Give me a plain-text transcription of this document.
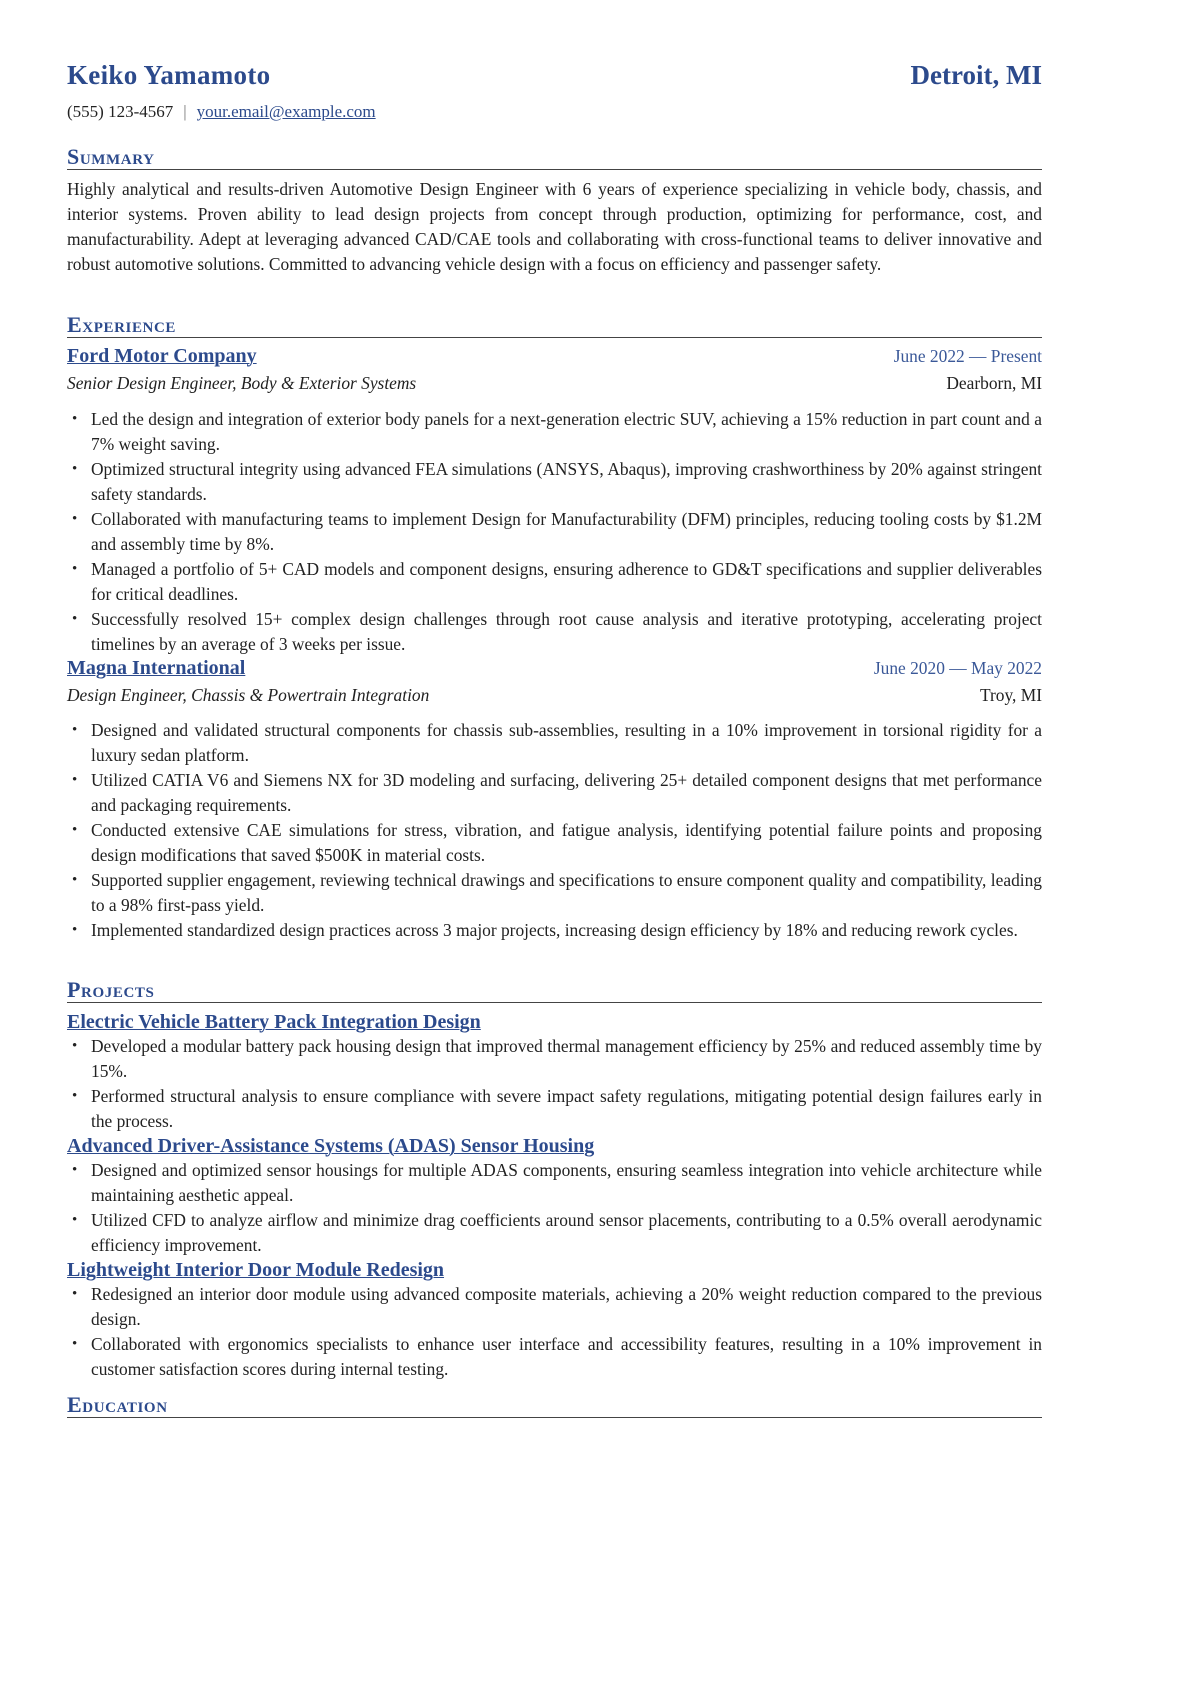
Keiko Yamamoto	Detroit, MI
(555) 123-4567 | your.email@example.com
Summary
Highly analytical and results-driven Automotive Design Engineer with 6 years of experience specializing in vehicle body, chassis, and interior systems. Proven ability to lead design projects from concept through production, optimizing for performance, cost, and manufacturability. Adept at leveraging advanced CAD/CAE tools and collaborating with cross-functional teams to deliver innovative and robust automotive solutions. Committed to advancing vehicle design with a focus on efficiency and passenger safety.
Experience
Ford Motor Company	June 2022 — Present
Senior Design Engineer, Body & Exterior Systems	Dearborn, MI
• Led the design and integration of exterior body panels for a next-generation electric SUV, achieving a 15% reduction in part count and a 7% weight saving.
• Optimized structural integrity using advanced FEA simulations (ANSYS, Abaqus), improving crashworthiness by 20% against stringent safety standards.
• Collaborated with manufacturing teams to implement Design for Manufacturability (DFM) principles, reducing tooling costs by $1.2M and assembly time by 8%.
• Managed a portfolio of 5+ CAD models and component designs, ensuring adherence to GD&T specifications and supplier deliverables for critical deadlines.
• Successfully resolved 15+ complex design challenges through root cause analysis and iterative prototyping, accelerating project timelines by an average of 3 weeks per issue.
Magna International	June 2020 — May 2022
Design Engineer, Chassis & Powertrain Integration	Troy, MI
• Designed and validated structural components for chassis sub-assemblies, resulting in a 10% improvement in torsional rigidity for a luxury sedan platform.
• Utilized CATIA V6 and Siemens NX for 3D modeling and surfacing, delivering 25+ detailed component designs that met performance and packaging requirements.
• Conducted extensive CAE simulations for stress, vibration, and fatigue analysis, identifying potential failure points and proposing design modifications that saved $500K in material costs.
• Supported supplier engagement, reviewing technical drawings and specifications to ensure component quality and compatibility, leading to a 98% first-pass yield.
• Implemented standardized design practices across 3 major projects, increasing design efficiency by 18% and reducing rework cycles.
Projects
Electric Vehicle Battery Pack Integration Design
• Developed a modular battery pack housing design that improved thermal management efficiency by 25% and reduced assembly time by 15%.
• Performed structural analysis to ensure compliance with severe impact safety regulations, mitigating potential design failures early in the process.
Advanced Driver-Assistance Systems (ADAS) Sensor Housing
• Designed and optimized sensor housings for multiple ADAS components, ensuring seamless integration into vehicle architecture while maintaining aesthetic appeal.
• Utilized CFD to analyze airflow and minimize drag coefficients around sensor placements, contributing to a 0.5% overall aerodynamic efficiency improvement.
Lightweight Interior Door Module Redesign
• Redesigned an interior door module using advanced composite materials, achieving a 20% weight reduction compared to the previous design.
• Collaborated with ergonomics specialists to enhance user interface and accessibility features, resulting in a 10% improvement in customer satisfaction scores during internal testing.
Education
